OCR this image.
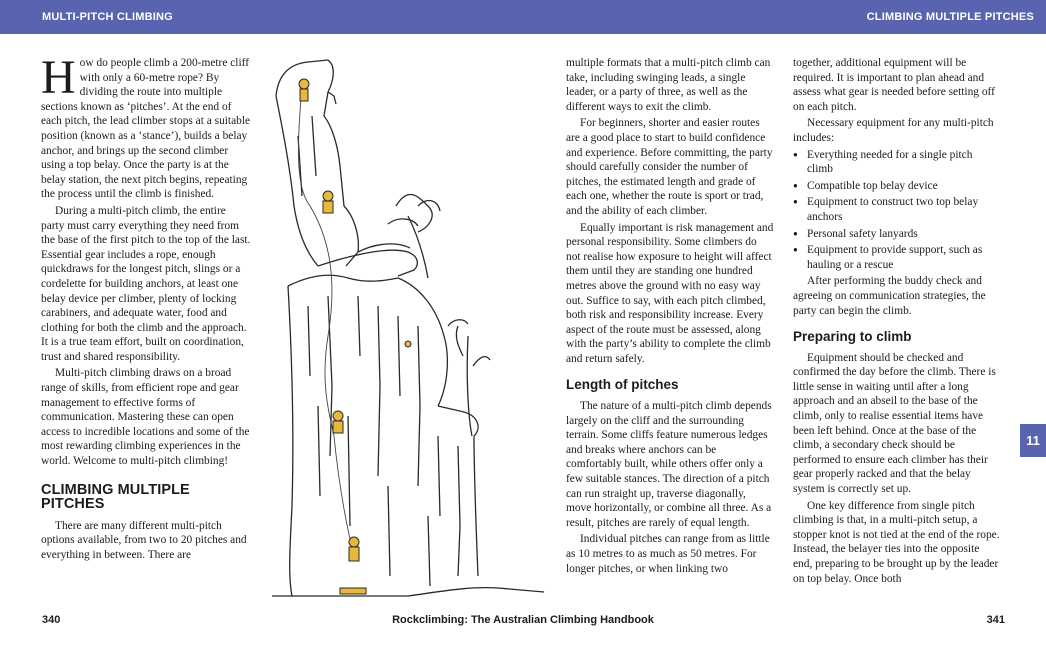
MULTI-PITCH CLIMBING	CLIMBING MULTIPLE PITCHES

How do people climb a 200-metre cliff with only a 60-metre rope? By dividing the route into multiple sections known as ‘pitches’. At the end of each pitch, the lead climber stops at a suitable position (known as a ‘stance’), builds a belay anchor, and brings up the second climber using a top belay. Once the party is at the belay station, the next pitch begins, repeating the process until the climb is finished.

During a multi-pitch climb, the entire party must carry everything they need from the base of the first pitch to the top of the last. Essential gear includes a rope, enough quickdraws for the longest pitch, slings or a cordelette for building anchors, at least one belay device per climber, plenty of locking carabiners, and adequate water, food and clothing for both the climb and the approach. It is a true team effort, built on coordination, trust and shared responsibility.

Multi-pitch climbing draws on a broad range of skills, from efficient rope and gear management to effective forms of communication. Mastering these can open access to incredible locations and some of the most rewarding climbing experiences in the world. Welcome to multi-pitch climbing!

CLIMBING MULTIPLE PITCHES

There are many different multi-pitch options available, from two to 20 pitches and everything in between. There are

multiple formats that a multi-pitch climb can take, including swinging leads, a single leader, or a party of three, as well as the different ways to exit the climb.

For beginners, shorter and easier routes are a good place to start to build confidence and experience. Before committing, the party should carefully consider the number of pitches, the estimated length and grade of each one, whether the route is sport or trad, and the ability of each climber.

Equally important is risk management and personal responsibility. Some climbers do not realise how exposure to height will affect them until they are standing one hundred metres above the ground with no easy way out. Suffice to say, with each pitch climbed, both risk and responsibility increase. Every aspect of the route must be assessed, along with the party’s ability to complete the climb and return safely.

Length of pitches

The nature of a multi-pitch climb depends largely on the cliff and the surrounding terrain. Some cliffs feature numerous ledges and breaks where anchors can be comfortably built, while others offer only a few suitable stances. The direction of a pitch can run straight up, traverse diagonally, move horizontally, or combine all three. As a result, pitches are rarely of equal length.

Individual pitches can range from as little as 10 metres to as much as 50 metres. For longer pitches, or when linking two

together, additional equipment will be required. It is important to plan ahead and assess what gear is needed before setting off on each pitch.

Necessary equipment for any multi-pitch includes:

● Everything needed for a single pitch climb
● Compatible top belay device
● Equipment to construct two top belay anchors
● Personal safety lanyards
● Equipment to provide support, such as hauling or a rescue

After performing the buddy check and agreeing on communication strategies, the party can begin the climb.

Preparing to climb

Equipment should be checked and confirmed the day before the climb. There is little sense in waiting until after a long approach and an abseil to the base of the climb, only to realise essential items have been left behind. Once at the base of the climb, a secondary check should be performed to ensure each climber has their gear properly racked and that the belay system is correctly set up.

One key difference from single pitch climbing is that, in a multi-pitch setup, a stopper knot is not tied at the end of the rope. Instead, the belayer ties into the opposite end, preparing to be brought up by the leader on top belay. Once both

11
340	Rockclimbing: The Australian Climbing Handbook	341
